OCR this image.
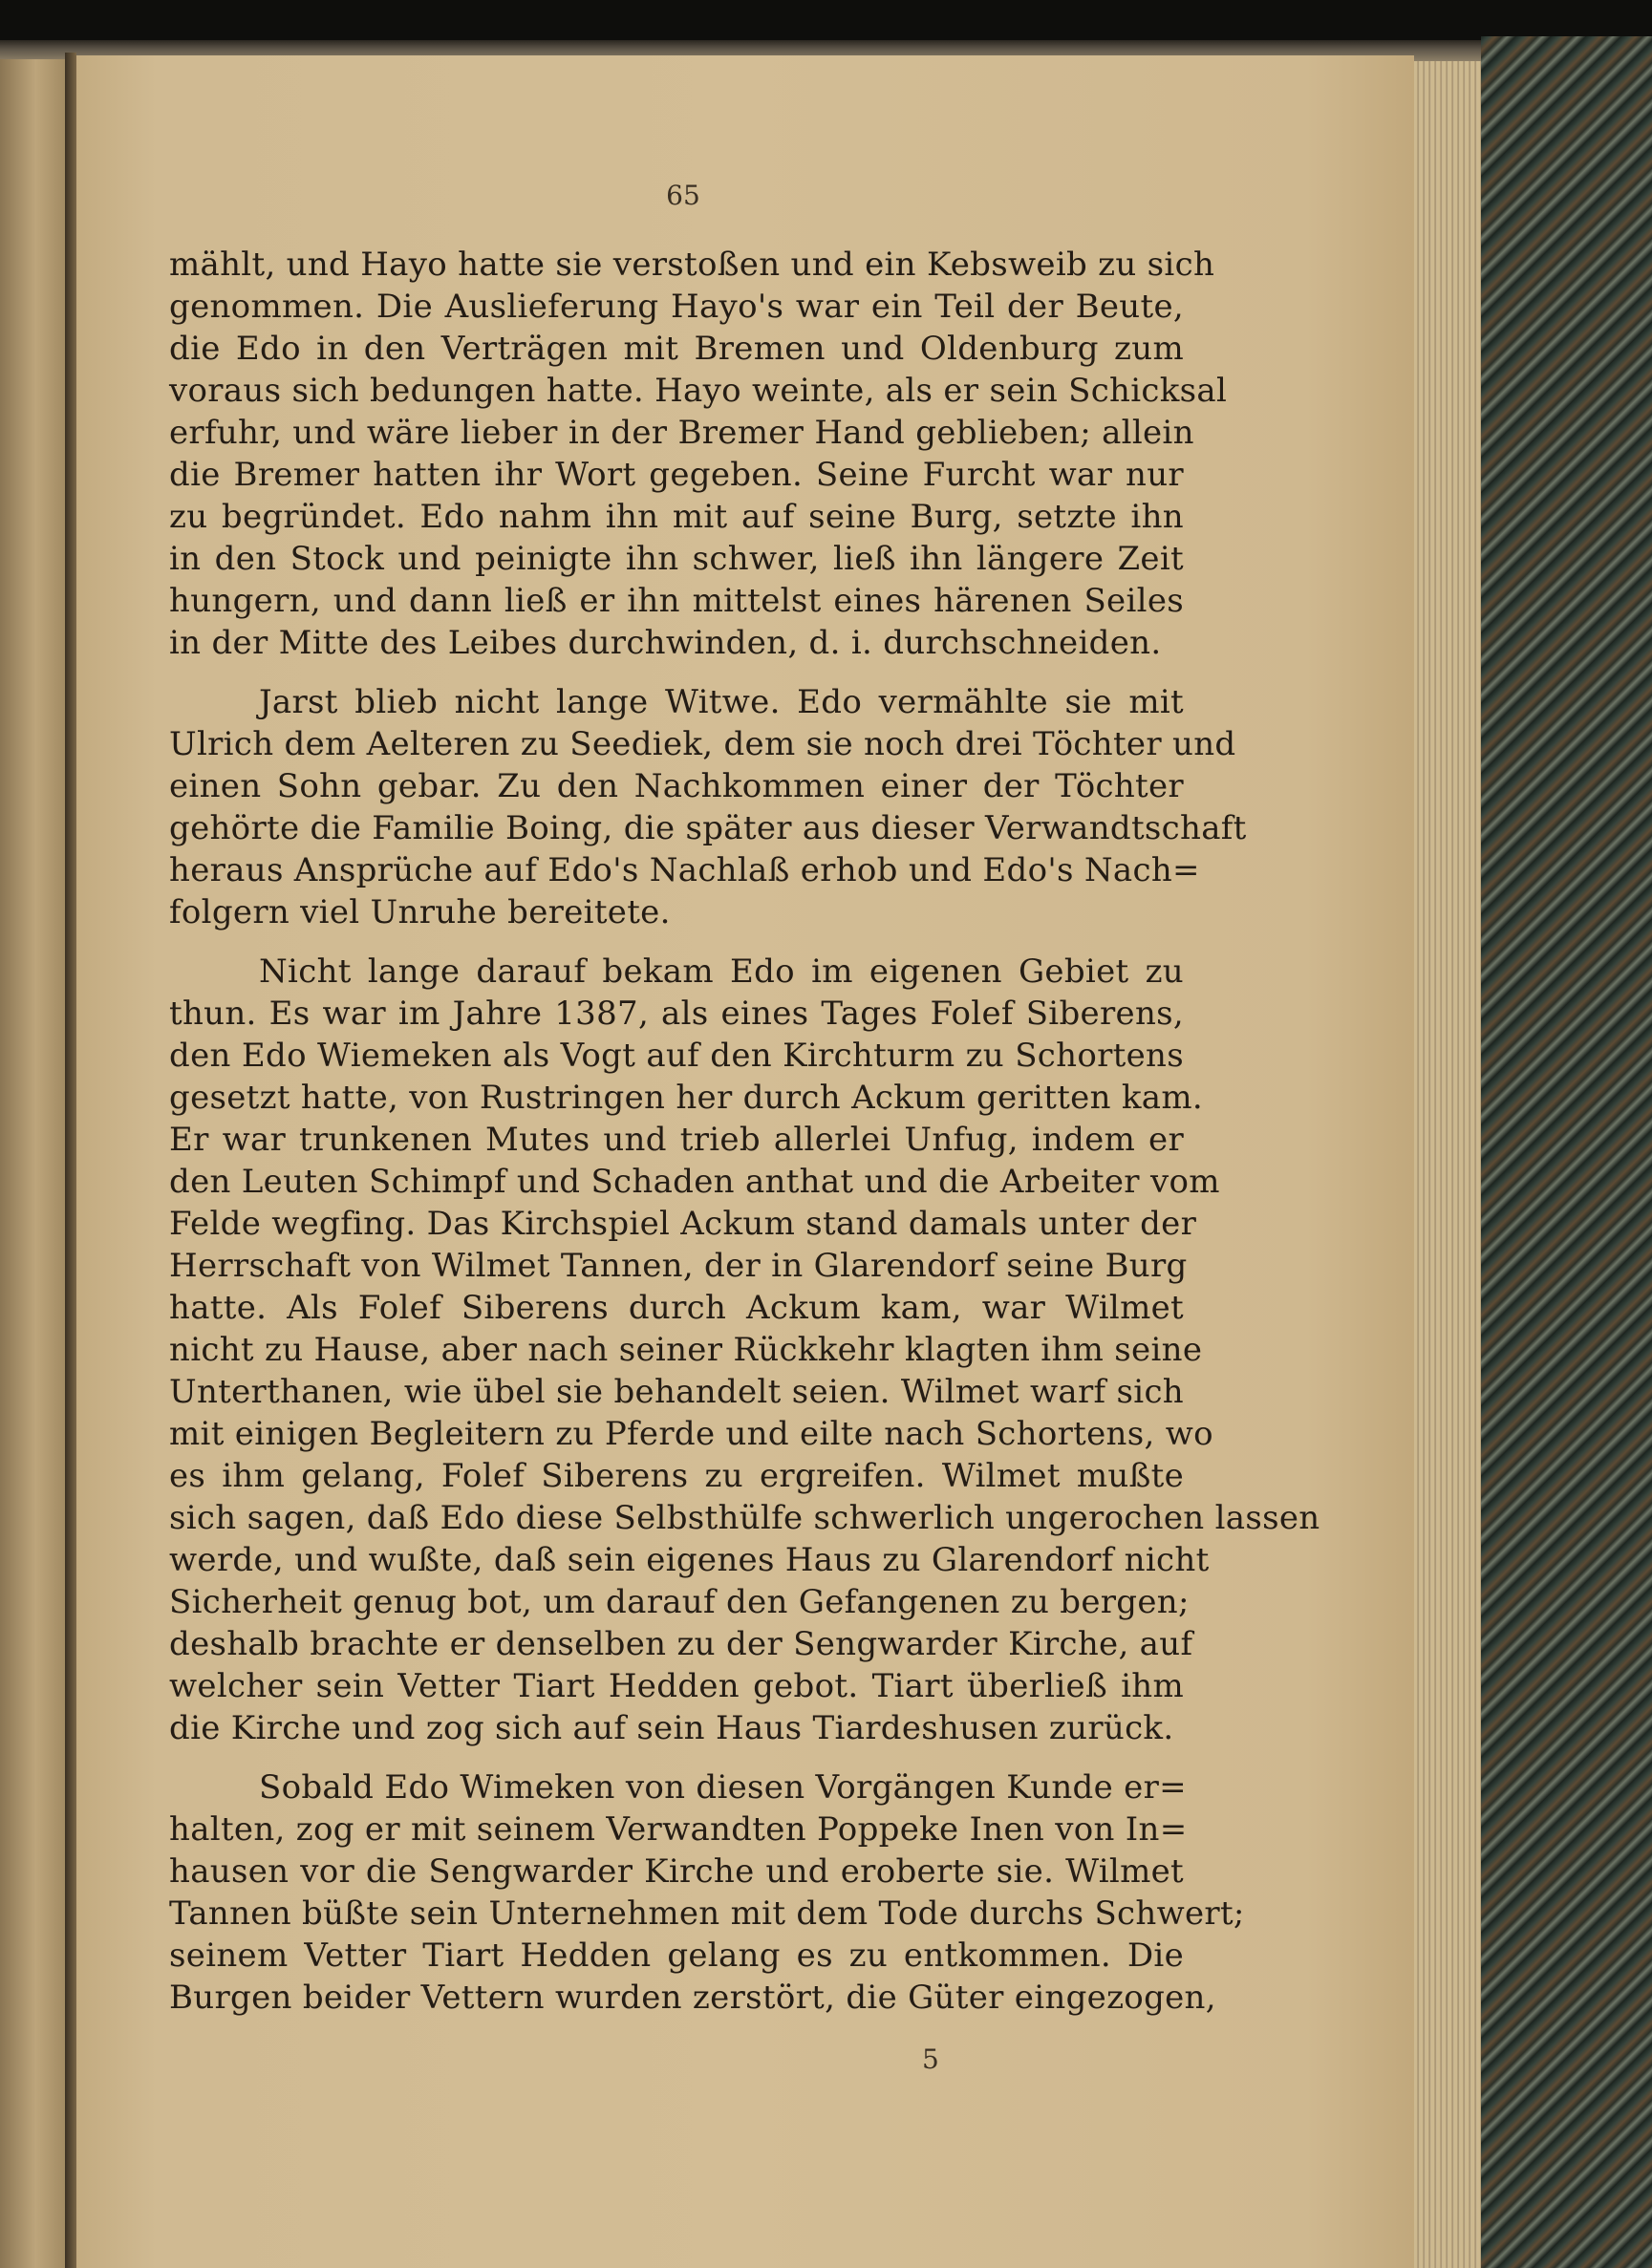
65
mählt, und Hayo hatte sie verstoßen und ein Kebsweib zu sich
genommen. Die Auslieferung Hayo's war ein Teil der Beute,
die Edo in den Verträgen mit Bremen und Oldenburg zum
voraus sich bedungen hatte. Hayo weinte, als er sein Schicksal
erfuhr, und wäre lieber in der Bremer Hand geblieben; allein
die Bremer hatten ihr Wort gegeben. Seine Furcht war nur
zu begründet. Edo nahm ihn mit auf seine Burg, setzte ihn
in den Stock und peinigte ihn schwer, ließ ihn längere Zeit
hungern, und dann ließ er ihn mittelst eines härenen Seiles
in der Mitte des Leibes durchwinden, d. i. durchschneiden.
Jarst blieb nicht lange Witwe. Edo vermählte sie mit
Ulrich dem Aelteren zu Seediek, dem sie noch drei Töchter und
einen Sohn gebar. Zu den Nachkommen einer der Töchter
gehörte die Familie Boing, die später aus dieser Verwandtschaft
heraus Ansprüche auf Edo's Nachlaß erhob und Edo's Nach=
folgern viel Unruhe bereitete.
Nicht lange darauf bekam Edo im eigenen Gebiet zu
thun. Es war im Jahre 1387, als eines Tages Folef Siberens,
den Edo Wiemeken als Vogt auf den Kirchturm zu Schortens
gesetzt hatte, von Rustringen her durch Ackum geritten kam.
Er war trunkenen Mutes und trieb allerlei Unfug, indem er
den Leuten Schimpf und Schaden anthat und die Arbeiter vom
Felde wegfing. Das Kirchspiel Ackum stand damals unter der
Herrschaft von Wilmet Tannen, der in Glarendorf seine Burg
hatte. Als Folef Siberens durch Ackum kam, war Wilmet
nicht zu Hause, aber nach seiner Rückkehr klagten ihm seine
Unterthanen, wie übel sie behandelt seien. Wilmet warf sich
mit einigen Begleitern zu Pferde und eilte nach Schortens, wo
es ihm gelang, Folef Siberens zu ergreifen. Wilmet mußte
sich sagen, daß Edo diese Selbsthülfe schwerlich ungerochen lassen
werde, und wußte, daß sein eigenes Haus zu Glarendorf nicht
Sicherheit genug bot, um darauf den Gefangenen zu bergen;
deshalb brachte er denselben zu der Sengwarder Kirche, auf
welcher sein Vetter Tiart Hedden gebot. Tiart überließ ihm
die Kirche und zog sich auf sein Haus Tiardeshusen zurück.
Sobald Edo Wimeken von diesen Vorgängen Kunde er=
halten, zog er mit seinem Verwandten Poppeke Inen von In=
hausen vor die Sengwarder Kirche und eroberte sie. Wilmet
Tannen büßte sein Unternehmen mit dem Tode durchs Schwert;
seinem Vetter Tiart Hedden gelang es zu entkommen. Die
Burgen beider Vettern wurden zerstört, die Güter eingezogen,
5
